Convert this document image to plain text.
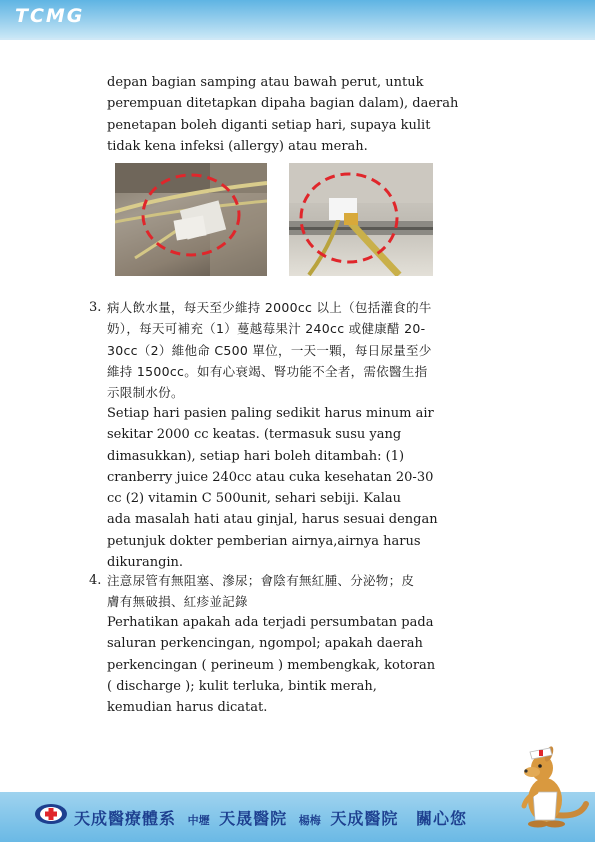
TCMG

depan bagian samping atau bawah perut, untuk
perempuan ditetapkan dipaha bagian dalam), daerah
penetapan boleh diganti setiap hari, supaya kulit
tidak kena infeksi (allergy) atau merah.

3. 病人飲水量，每天至少維持 2000cc 以上（包括灌食的牛
奶），每天可補充（1）蔓越莓果汁 240cc 或健康醋 20-
30cc（2）維他命 C500 單位，一天一顆，每日尿量至少
維持 1500cc。如有心衰竭、腎功能不全者，需依醫生指
示限制水份。

Setiap hari pasien paling sedikit harus minum air
sekitar 2000 cc keatas. (termasuk susu yang
dimasukkan), setiap hari boleh ditambah: (1)
cranberry juice 240cc atau cuka kesehatan 20-30
cc (2) vitamin C 500unit, sehari sebiji. Kalau
ada masalah hati atau ginjal, harus sesuai dengan
petunjuk dokter pemberian airnya,airnya harus
dikurangin.

4. 注意尿管有無阻塞、滲尿；會陰有無紅腫、分泌物；皮
膚有無破損、紅疹並記錄

Perhatikan apakah ada terjadi persumbatan pada
saluran perkencingan, ngompol; apakah daerah
perkencingan ( perineum ) membengkak, kotoran
( discharge ); kulit terluka, bintik merah,
kemudian harus dicatat.

天成醫療體系 中壢 天晟醫院 楊梅 天成醫院 關心您
